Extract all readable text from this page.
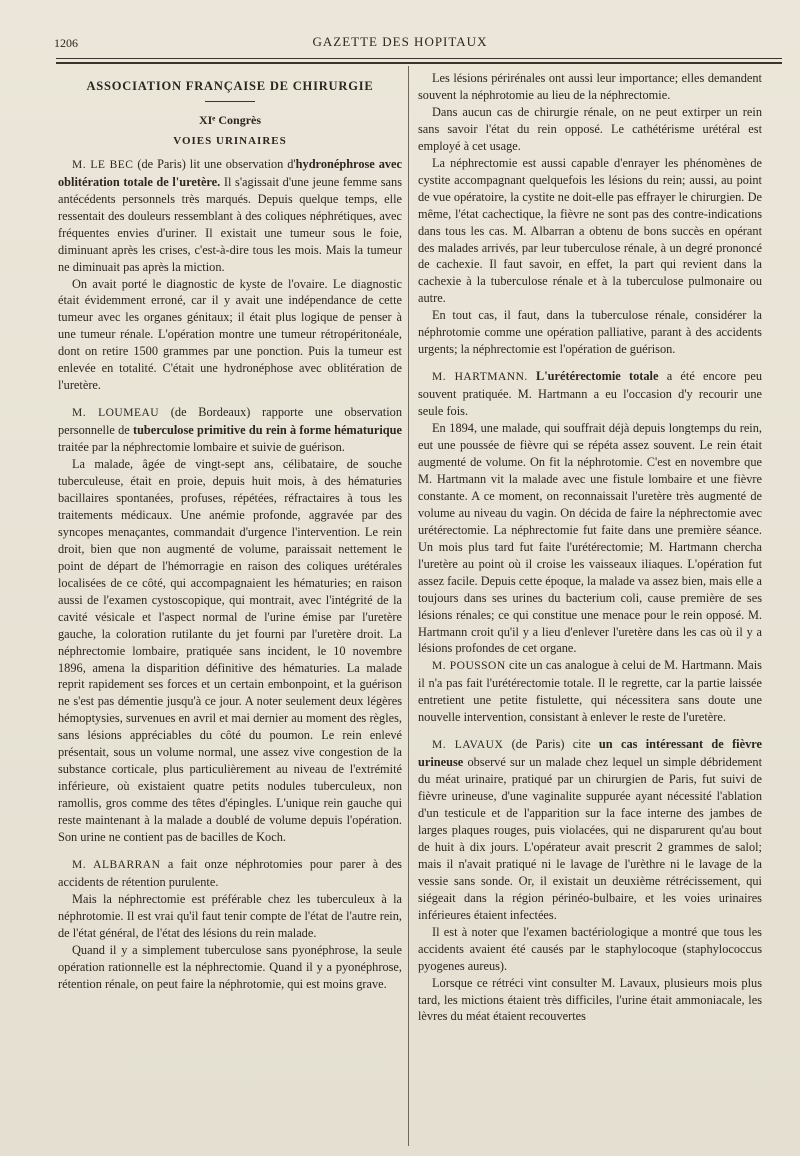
1206	GAZETTE DES HOPITAUX
ASSOCIATION FRANÇAISE DE CHIRURGIE
XIᵉ Congrès
VOIES URINAIRES

M. LE BEC (de Paris) lit une observation d'hydronéphrose avec oblitération totale de l'uretère. Il s'agissait d'une jeune femme sans antécédents personnels très marqués. Depuis quelque temps, elle ressentait des douleurs ressemblant à des coliques néphrétiques, avec fréquentes envies d'uriner. Il existait une tumeur sous le foie, diminuant après les crises, c'est-à-dire tous les mois. Mais la tumeur ne diminuait pas après la miction.

On avait porté le diagnostic de kyste de l'ovaire. Le diagnostic était évidemment erroné, car il y avait une indépendance de cette tumeur avec les organes génitaux; il était plus logique de penser à une tumeur rénale. L'opération montre une tumeur rétropéritonéale, dont on retire 1500 grammes par une ponction. Puis la tumeur est enlevée en totalité. C'était une hydronéphose avec oblitération de l'uretère.

M. LOUMEAU (de Bordeaux) rapporte une observation personnelle de tuberculose primitive du rein à forme hématurique traitée par la néphrectomie lombaire et suivie de guérison.

La malade, âgée de vingt-sept ans, célibataire, de souche tuberculeuse, était en proie, depuis huit mois, à des hématuries bacillaires spontanées, profuses, répétées, réfractaires à tous les traitements médicaux. Une anémie profonde, aggravée par des syncopes menaçantes, commandait d'urgence l'intervention. Le rein droit, bien que non augmenté de volume, paraissait nettement le point de départ de l'hémorragie en raison des coliques urétérales localisées de ce côté, qui accompagnaient les hématuries; en raison aussi de l'examen cystoscopique, qui montrait, avec l'intégrité de la cavité vésicale et l'aspect normal de l'urine émise par l'uretère gauche, la coloration rutilante du jet fourni par l'uretère droit. La néphrectomie lombaire, pratiquée sans incident, le 10 novembre 1896, amena la disparition définitive des hématuries. La malade reprit rapidement ses forces et un certain embonpoint, et la guérison ne s'est pas démentie jusqu'à ce jour. A noter seulement deux légères hémoptysies, survenues en avril et mai dernier au moment des règles, sans lésions appréciables du côté du poumon. Le rein enlevé présentait, sous un volume normal, une assez vive congestion de la substance corticale, plus particulièrement au niveau de l'extrémité inférieure, où existaient quatre petits nodules tuberculeux, non ramollis, gros comme des têtes d'épingles. L'unique rein gauche qui reste maintenant à la malade a doublé de volume depuis l'opération. Son urine ne contient pas de bacilles de Koch.

M. ALBARRAN a fait onze néphrotomies pour parer à des accidents de rétention purulente.

Mais la néphrectomie est préférable chez les tuberculeux à la néphrotomie. Il est vrai qu'il faut tenir compte de l'état de l'autre rein, de l'état général, de l'état des lésions du rein malade.

Quand il y a simplement tuberculose sans pyonéphrose, la seule opération rationnelle est la néphrectomie. Quand il y a pyonéphrose, rétention rénale, on peut faire la néphrotomie, qui est moins grave.

Les lésions périrénales ont aussi leur importance; elles demandent souvent la néphrotomie au lieu de la néphrectomie.

Dans aucun cas de chirurgie rénale, on ne peut extirper un rein sans savoir l'état du rein opposé. Le cathétérisme urétéral est employé à cet usage.

La néphrectomie est aussi capable d'enrayer les phénomènes de cystite accompagnant quelquefois les lésions du rein; aussi, au point de vue opératoire, la cystite ne doit-elle pas effrayer le chirurgien. De même, l'état cachectique, la fièvre ne sont pas des contre-indications dans tous les cas. M. Albarran a obtenu de bons succès en opérant des malades arrivés, par leur tuberculose rénale, à un degré prononcé de cachexie. Il faut savoir, en effet, la part qui revient dans la cachexie à la tuberculose rénale et à la tuberculose pulmonaire ou autre.

En tout cas, il faut, dans la tuberculose rénale, considérer la néphrotomie comme une opération palliative, parant à des accidents urgents; la néphrectomie est l'opération de guérison.

M. HARTMANN. L'urétérectomie totale a été encore peu souvent pratiquée. M. Hartmann a eu l'occasion d'y recourir une seule fois.

En 1894, une malade, qui souffrait déjà depuis longtemps du rein, eut une poussée de fièvre qui se répéta assez souvent. Le rein était augmenté de volume. On fit la néphrotomie. C'est en novembre que M. Hartmann vit la malade avec une fistule lombaire et une fièvre constante. A ce moment, on reconnaissait l'uretère très augmenté de volume au niveau du vagin. On décida de faire la néphrectomie avec urétérectomie. La néphrectomie fut faite dans une première séance. Un mois plus tard fut faite l'urétérectomie; M. Hartmann chercha l'uretère au point où il croise les vaisseaux iliaques. L'opération fut assez facile. Depuis cette époque, la malade va assez bien, mais elle a toujours dans ses urines du bacterium coli, cause première de ses lésions rénales; ce qui constitue une menace pour le rein opposé. M. Hartmann croit qu'il y a lieu d'enlever l'uretère dans les cas où il y a lésions profondes de cet organe.

M. POUSSON cite un cas analogue à celui de M. Hartmann. Mais il n'a pas fait l'urétérectomie totale. Il le regrette, car la partie laissée entretient une petite fistulette, qui nécessitera sans doute une nouvelle intervention, consistant à enlever le reste de l'uretère.

M. LAVAUX (de Paris) cite un cas intéressant de fièvre urineuse observé sur un malade chez lequel un simple débridement du méat urinaire, pratiqué par un chirurgien de Paris, fut suivi de fièvre urineuse, d'une vaginalite suppurée ayant nécessité l'ablation d'un testicule et de l'apparition sur la face interne des jambes de larges plaques rouges, puis violacées, qui ne disparurent qu'au bout de huit à dix jours. L'opérateur avait prescrit 2 grammes de salol; mais il n'avait pratiqué ni le lavage de l'urèthre ni le lavage de la vessie sans sonde. Or, il existait un deuxième rétrécissement, qui siégeait dans la région périnéo-bulbaire, et les voies urinaires inférieures étaient infectées.

Il est à noter que l'examen bactériologique a montré que tous les accidents avaient été causés par le staphylocoque (staphylococcus pyogenes aureus).

Lorsque ce rétréci vint consulter M. Lavaux, plusieurs mois plus tard, les mictions étaient très difficiles, l'urine était ammoniacale, les lèvres du méat étaient recouvertes
